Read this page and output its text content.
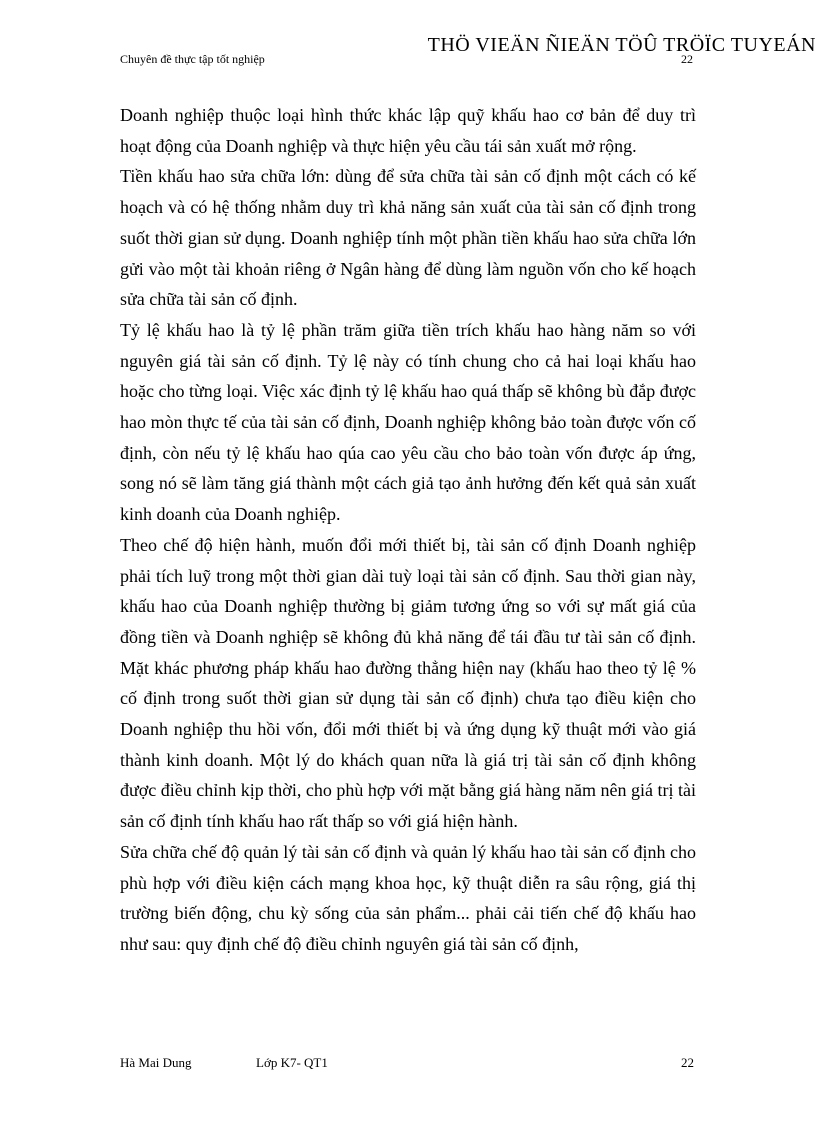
Chuyên đề thực tập tốt nghiệp
THÖ VIEÄN ÑIEÄN TÖÛ TRÖÏC TUYEÁN
22

Doanh nghiệp thuộc loại hình thức khác lập quỹ khấu hao cơ bản để duy trì hoạt động của Doanh nghiệp và thực hiện yêu cầu tái sản xuất mở rộng.

Tiền khấu hao sửa chữa lớn: dùng để sửa chữa tài sản cố định một cách có kế hoạch và có hệ thống nhằm duy trì khả năng sản xuất của tài sản cố định trong suốt thời gian sử dụng. Doanh nghiệp tính một phần tiền khấu hao sửa chữa lớn gửi vào một tài khoản riêng ở Ngân hàng để dùng làm nguồn vốn cho kế hoạch sửa chữa tài sản cố định.

Tỷ lệ khấu hao là tỷ lệ phần trăm giữa tiền trích khấu hao hàng năm so với nguyên giá tài sản cố định. Tỷ lệ này có tính chung cho cả hai loại khấu hao hoặc cho từng loại. Việc xác định tỷ lệ khấu hao quá thấp sẽ không bù đắp được hao mòn thực tế của tài sản cố định, Doanh nghiệp không bảo toàn được vốn cố định, còn nếu tỷ lệ khấu hao qúa cao yêu cầu cho bảo toàn vốn được áp ứng, song nó sẽ làm tăng giá thành một cách giả tạo ảnh hưởng đến kết quả sản xuất kinh doanh của Doanh nghiệp.

Theo chế độ hiện hành, muốn đổi mới thiết bị, tài sản cố định Doanh nghiệp phải tích luỹ trong một thời gian dài tuỳ loại tài sản cố định. Sau thời gian này, khấu hao của Doanh nghiệp thường bị giảm tương ứng so với sự mất giá của đồng tiền và Doanh nghiệp sẽ không đủ khả năng để tái đầu tư tài sản cố định. Mặt khác phương pháp khấu hao đường thẳng hiện nay (khấu hao theo tỷ lệ % cố định trong suốt thời gian sử dụng tài sản cố định) chưa tạo điều kiện cho Doanh nghiệp thu hồi vốn, đổi mới thiết bị và ứng dụng kỹ thuật mới vào giá thành kinh doanh. Một lý do khách quan nữa là giá trị tài sản cố định không được điều chỉnh kịp thời, cho phù hợp với mặt bằng giá hàng năm nên giá trị tài sản cố định tính khấu hao rất thấp so với giá hiện hành.

Sửa chữa chế độ quản lý tài sản cố định và quản lý khấu hao tài sản cố định cho phù hợp với điều kiện cách mạng khoa học, kỹ thuật diễn ra sâu rộng, giá thị trường biến động, chu kỳ sống của sản phẩm... phải cải tiến chế độ khấu hao như sau: quy định chế độ điều chỉnh nguyên giá tài sản cố định,

Hà Mai Dung	Lớp K7- QT1	22
